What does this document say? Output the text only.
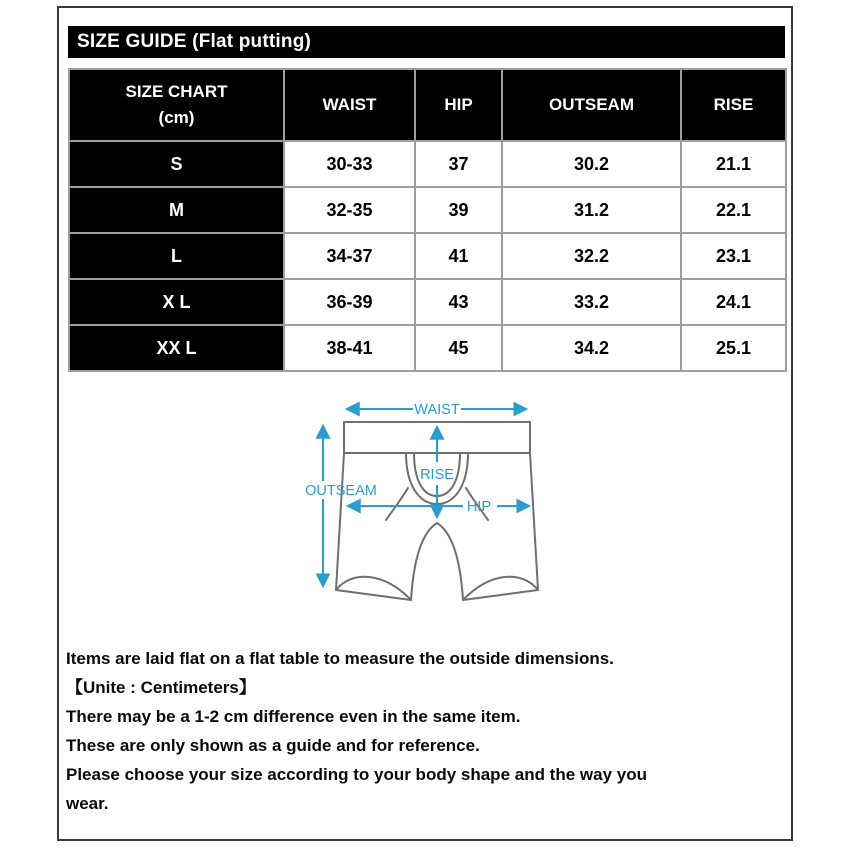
SIZE GUIDE (Flat putting)
SIZE CHART
(cm)	WAIST	HIP	OUTSEAM	RISE
S	30-33	37	30.2	21.1
M	32-35	39	31.2	22.1
L	34-37	41	32.2	23.1
X L	36-39	43	33.2	24.1
XX L	38-41	45	34.2	25.1
WAIST
RISE
OUTSEAM
HIP
Items are laid flat on a flat table to measure the outside dimensions.
【Unite : Centimeters】
There may be a 1-2 cm difference even in the same item.
These are only shown as a guide and for reference.
Please choose your size according to your body shape and the way you
wear.
